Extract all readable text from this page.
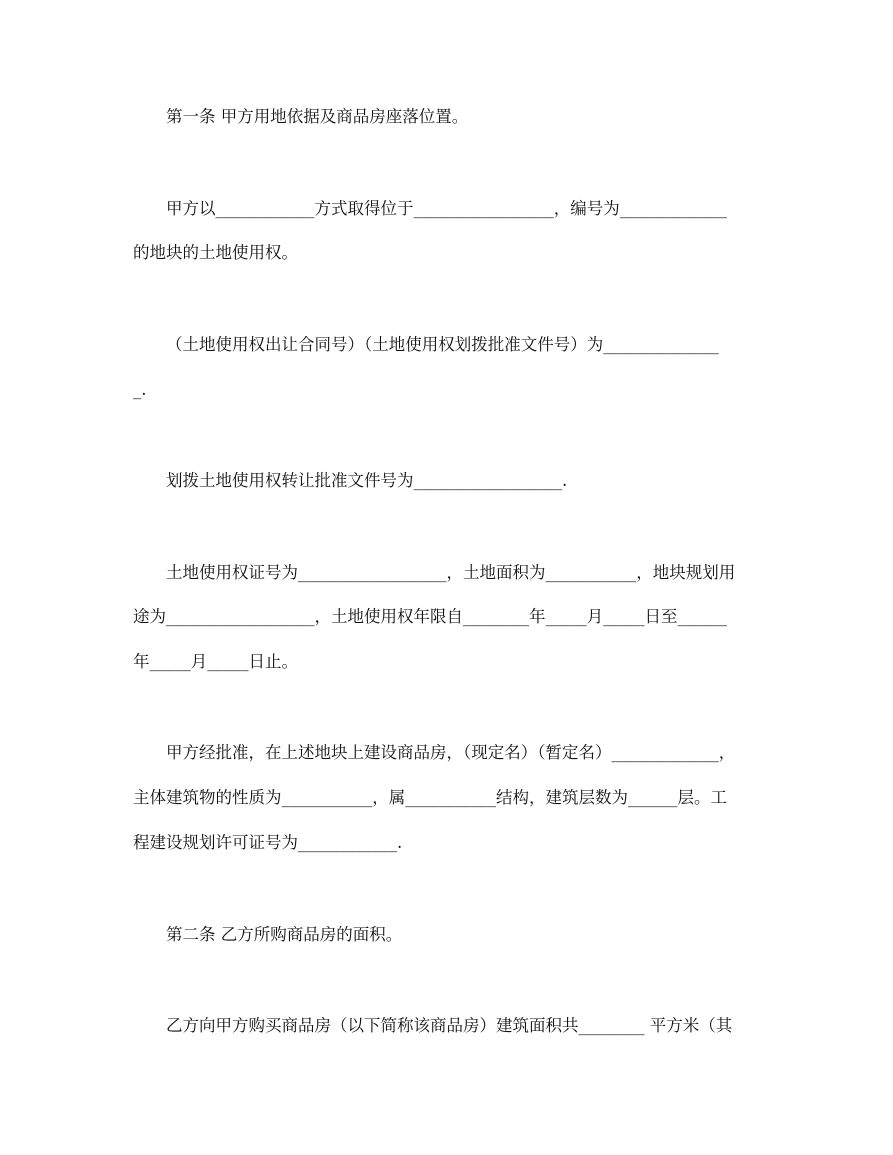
第一条 甲方用地依据及商品房座落位置。
甲方以____________方式取得位于_________________，编号为_____________
的地块的土地使用权。
（土地使用权出让合同号）（土地使用权划拨批准文件号）为______________
_.
划拨土地使用权转让批准文件号为__________________.
土地使用权证号为__________________，土地面积为___________，地块规划用
途为__________________，土地使用权年限自________年_____月_____日至______
年_____月_____日止。
甲方经批准，在上述地块上建设商品房，（现定名）（暂定名）_____________，
主体建筑物的性质为___________，属___________结构，建筑层数为______层。工
程建设规划许可证号为____________.
第二条 乙方所购商品房的面积。
乙方向甲方购买商品房（以下简称该商品房）建筑面积共________ 平方米（其
